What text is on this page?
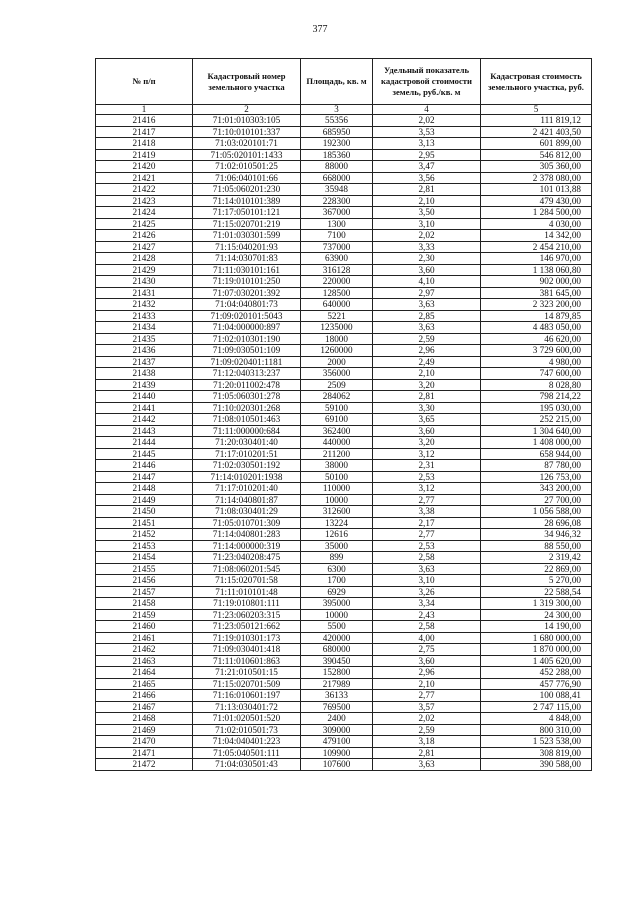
377
№ п/п	Кадастровый номер земельного участка	Площадь, кв. м	Удельный показатель кадастровой стоимости земель, руб./кв. м	Кадастровая стоимость земельного участка, руб.
1	2	3	4	5
21416	71:01:010303:105	55356	2,02	111 819,12
21417	71:10:010101:337	685950	3,53	2 421 403,50
21418	71:03:020101:71	192300	3,13	601 899,00
21419	71:05:020101:1433	185360	2,95	546 812,00
21420	71:02:010501:25	88000	3,47	305 360,00
21421	71:06:040101:66	668000	3,56	2 378 080,00
21422	71:05:060201:230	35948	2,81	101 013,88
21423	71:14:010101:389	228300	2,10	479 430,00
21424	71:17:050101:121	367000	3,50	1 284 500,00
21425	71:15:020701:219	1300	3,10	4 030,00
21426	71:01:030301:599	7100	2,02	14 342,00
21427	71:15:040201:93	737000	3,33	2 454 210,00
21428	71:14:030701:83	63900	2,30	146 970,00
21429	71:11:030101:161	316128	3,60	1 138 060,80
21430	71:19:010101:250	220000	4,10	902 000,00
21431	71:07:030201:392	128500	2,97	381 645,00
21432	71:04:040801:73	640000	3,63	2 323 200,00
21433	71:09:020101:5043	5221	2,85	14 879,85
21434	71:04:000000:897	1235000	3,63	4 483 050,00
21435	71:02:010301:190	18000	2,59	46 620,00
21436	71:09:030501:109	1260000	2,96	3 729 600,00
21437	71:09:020401:1181	2000	2,49	4 980,00
21438	71:12:040313:237	356000	2,10	747 600,00
21439	71:20:011002:478	2509	3,20	8 028,80
21440	71:05:060301:278	284062	2,81	798 214,22
21441	71:10:020301:268	59100	3,30	195 030,00
21442	71:08:010501:463	69100	3,65	252 215,00
21443	71:11:000000:684	362400	3,60	1 304 640,00
21444	71:20:030401:40	440000	3,20	1 408 000,00
21445	71:17:010201:51	211200	3,12	658 944,00
21446	71:02:030501:192	38000	2,31	87 780,00
21447	71:14:010201:1938	50100	2,53	126 753,00
21448	71:17:010201:40	110000	3,12	343 200,00
21449	71:14:040801:87	10000	2,77	27 700,00
21450	71:08:030401:29	312600	3,38	1 056 588,00
21451	71:05:010701:309	13224	2,17	28 696,08
21452	71:14:040801:283	12616	2,77	34 946,32
21453	71:14:000000:319	35000	2,53	88 550,00
21454	71:23:040208:475	899	2,58	2 319,42
21455	71:08:060201:545	6300	3,63	22 869,00
21456	71:15:020701:58	1700	3,10	5 270,00
21457	71:11:010101:48	6929	3,26	22 588,54
21458	71:19:010801:111	395000	3,34	1 319 300,00
21459	71:23:060203:315	10000	2,43	24 300,00
21460	71:23:050121:662	5500	2,58	14 190,00
21461	71:19:010301:173	420000	4,00	1 680 000,00
21462	71:09:030401:418	680000	2,75	1 870 000,00
21463	71:11:010601:863	390450	3,60	1 405 620,00
21464	71:21:010501:15	152800	2,96	452 288,00
21465	71:15:020701:509	217989	2,10	457 776,90
21466	71:16:010601:197	36133	2,77	100 088,41
21467	71:13:030401:72	769500	3,57	2 747 115,00
21468	71:01:020501:520	2400	2,02	4 848,00
21469	71:02:010501:73	309000	2,59	800 310,00
21470	71:04:040401:223	479100	3,18	1 523 538,00
21471	71:05:040501:111	109900	2,81	308 819,00
21472	71:04:030501:43	107600	3,63	390 588,00
